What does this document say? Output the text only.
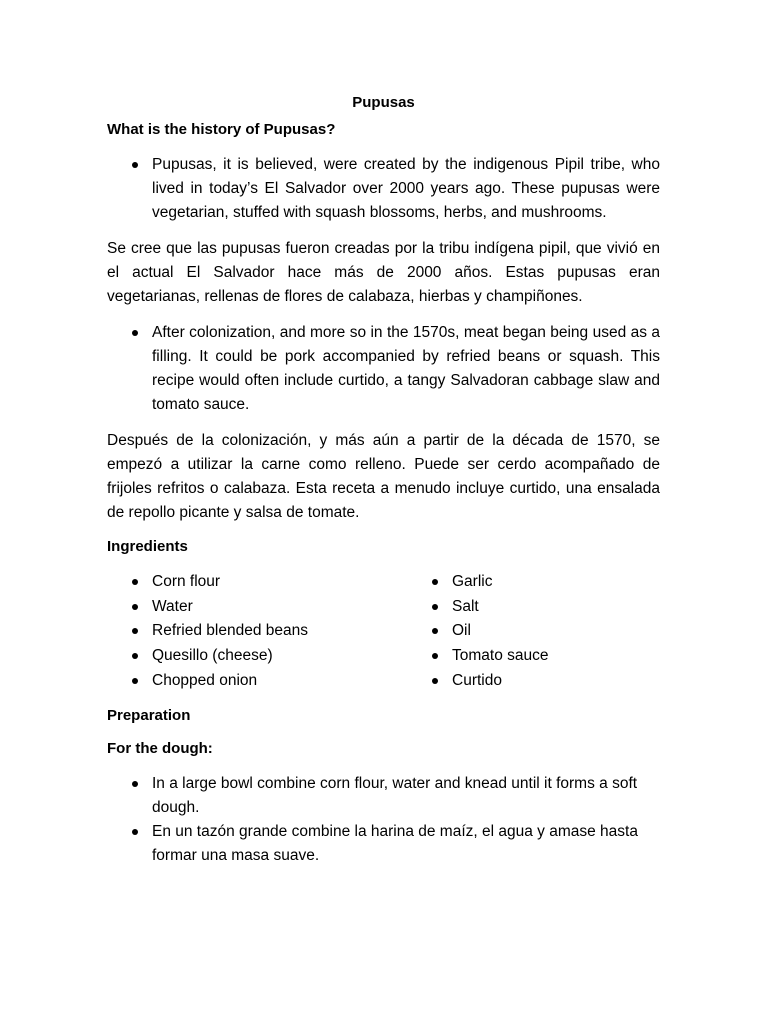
Pupusas
What is the history of Pupusas?
Pupusas, it is believed, were created by the indigenous Pipil tribe, who lived in today’s El Salvador over 2000 years ago. These pupusas were vegetarian, stuffed with squash blossoms, herbs, and mushrooms.

Se cree que las pupusas fueron creadas por la tribu indígena pipil, que vivió en el actual El Salvador hace más de 2000 años. Estas pupusas eran vegetarianas, rellenas de flores de calabaza, hierbas y champiñones.

After colonization, and more so in the 1570s, meat began being used as a filling. It could be pork accompanied by refried beans or squash. This recipe would often include curtido, a tangy Salvadoran cabbage slaw and tomato sauce.

Después de la colonización, y más aún a partir de la década de 1570, se empezó a utilizar la carne como relleno. Puede ser cerdo acompañado de frijoles refritos o calabaza. Esta receta a menudo incluye curtido, una ensalada de repollo picante y salsa de tomate.

Ingredients
Corn flour
Water
Refried blended beans
Quesillo (cheese)
Chopped onion
Garlic
Salt
Oil
Tomato sauce
Curtido
Preparation
For the dough:
In a large bowl combine corn flour, water and knead until it forms a soft dough.
En un tazón grande combine la harina de maíz, el agua y amase hasta formar una masa suave.
